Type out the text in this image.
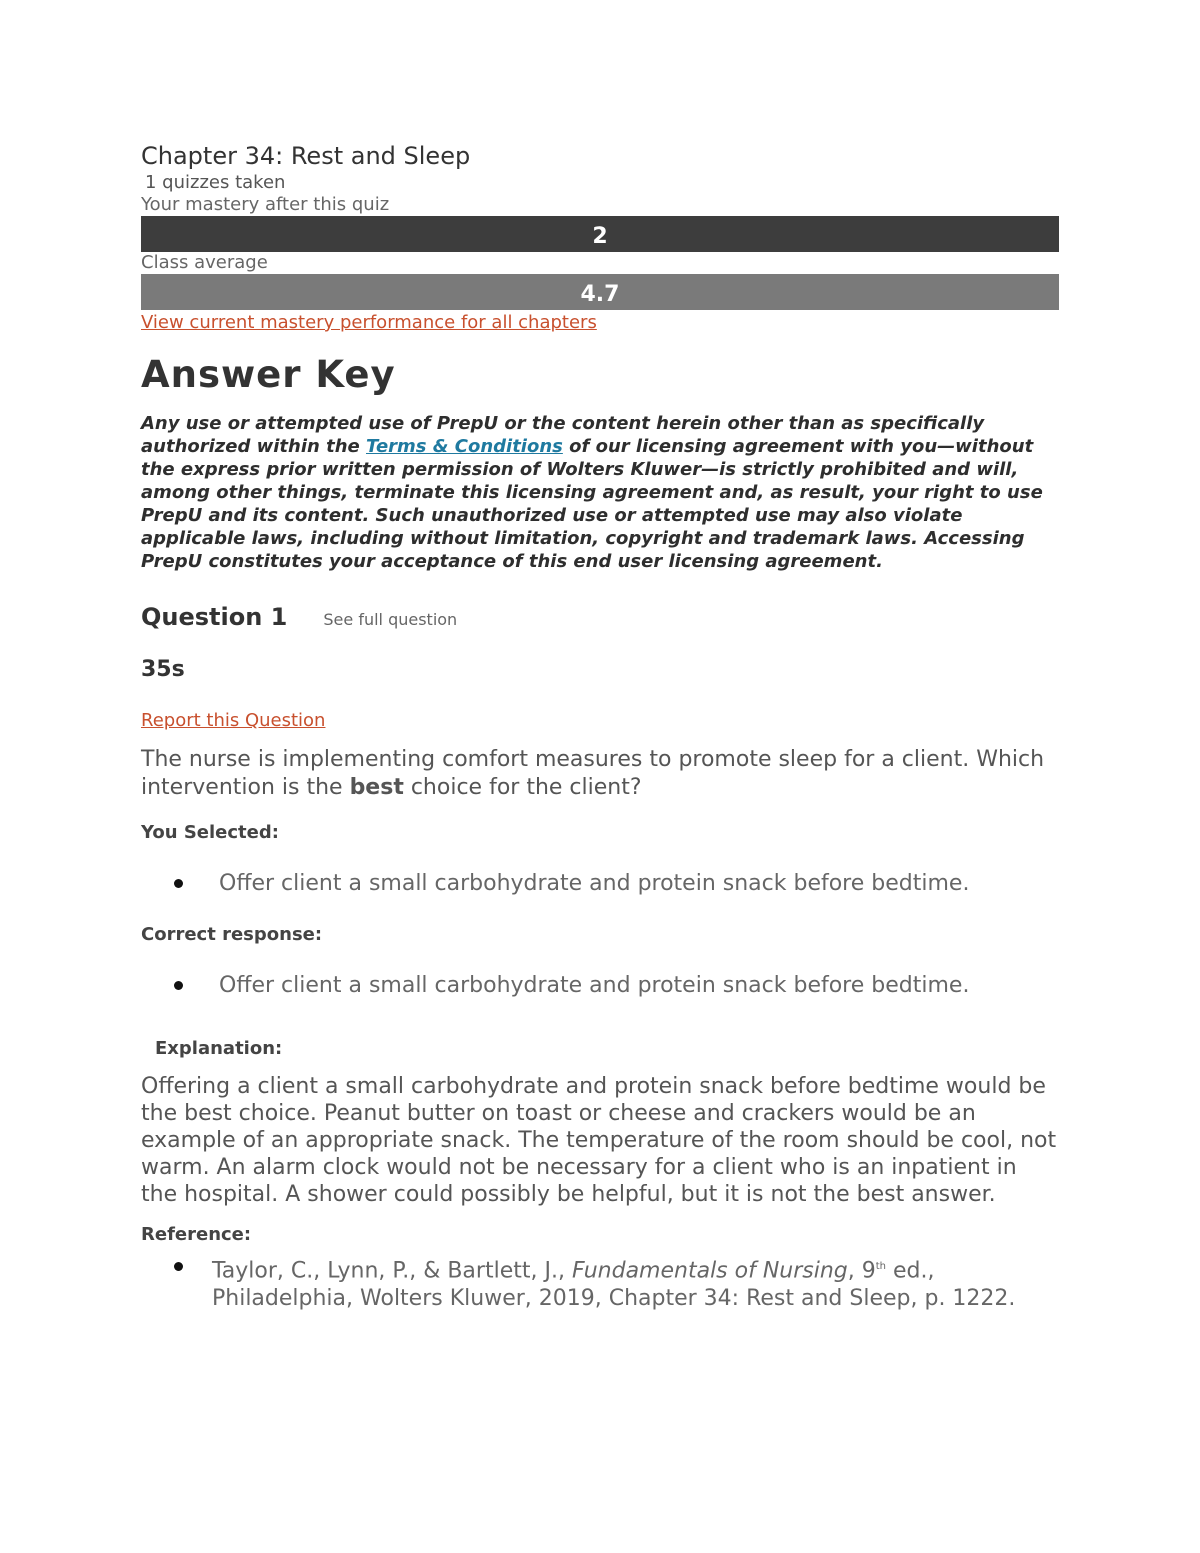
Chapter 34: Rest and Sleep
1 quizzes taken
Your mastery after this quiz
2
Class average
4.7
View current mastery performance for all chapters
Answer Key
Any use or attempted use of PrepU or the content herein other than as specifically authorized within the Terms & Conditions of our licensing agreement with you—without the express prior written permission of Wolters Kluwer—is strictly prohibited and will, among other things, terminate this licensing agreement and, as result, your right to use PrepU and its content. Such unauthorized use or attempted use may also violate applicable laws, including without limitation, copyright and trademark laws. Accessing PrepU constitutes your acceptance of this end user licensing agreement.
Question 1 See full question
35s
Report this Question
The nurse is implementing comfort measures to promote sleep for a client. Which intervention is the best choice for the client?
You Selected:
Offer client a small carbohydrate and protein snack before bedtime.
Correct response:
Offer client a small carbohydrate and protein snack before bedtime.
Explanation:
Offering a client a small carbohydrate and protein snack before bedtime would be the best choice. Peanut butter on toast or cheese and crackers would be an example of an appropriate snack. The temperature of the room should be cool, not warm. An alarm clock would not be necessary for a client who is an inpatient in the hospital. A shower could possibly be helpful, but it is not the best answer.
Reference:
Taylor, C., Lynn, P., & Bartlett, J., Fundamentals of Nursing, 9th ed., Philadelphia, Wolters Kluwer, 2019, Chapter 34: Rest and Sleep, p. 1222.
